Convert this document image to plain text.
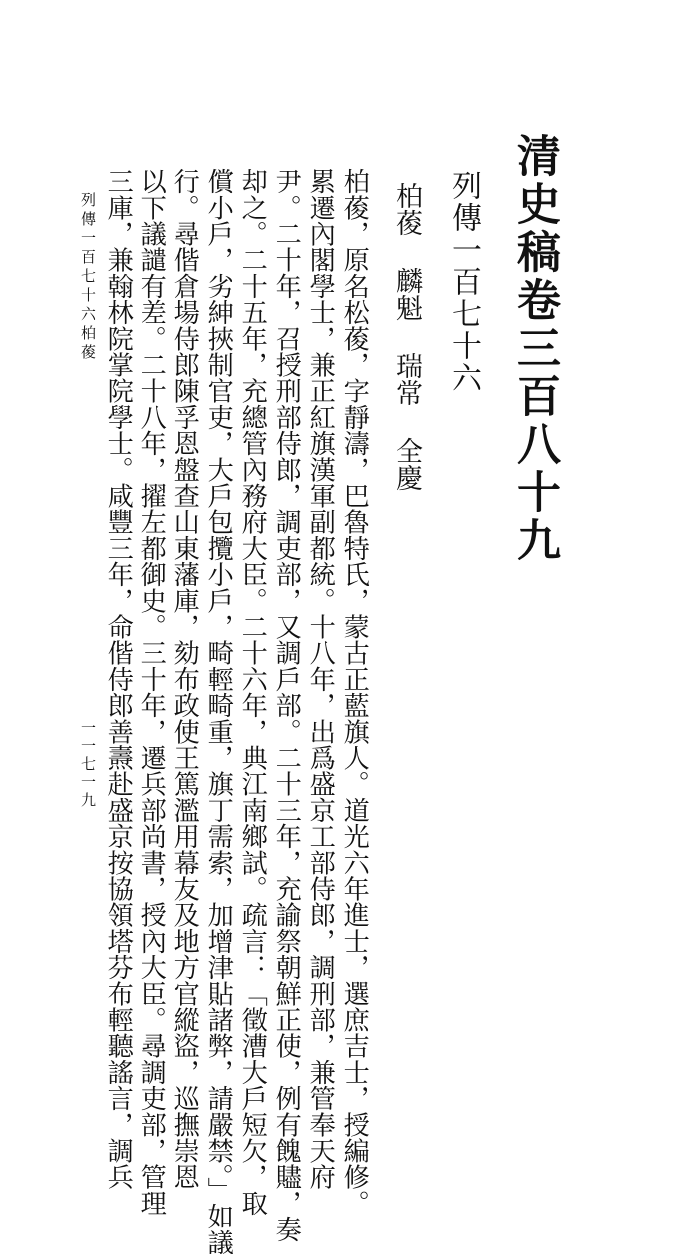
清史稿卷三百八十九
列傳一百七十六
柏葰 麟魁 瑞常 全慶
柏葰，原名松葰，字靜濤，巴魯特氏，蒙古正藍旗人。道光六年進士，選庶吉士，授編修。
累遷內閣學士，兼正紅旗漢軍副都統。十八年，出爲盛京工部侍郎，調刑部，兼管奉天府
尹。二十年，召授刑部侍郎，調吏部，又調戶部。二十三年，充諭祭朝鮮正使，例有餽贐，奏
却之。二十五年，充總管內務府大臣。二十六年，典江南鄉試。疏言：「徵漕大戶短欠，取
償小戶，劣紳挾制官吏，大戶包攬小戶，畸輕畸重，旗丁需索，加增津貼諸弊，請嚴禁。」如議
行。尋偕倉場侍郎陳孚恩盤查山東藩庫，劾布政使王篤濫用幕友及地方官縱盜，巡撫崇恩
以下議譴有差。二十八年，擢左都御史。三十年，遷兵部尚書，授內大臣。尋調吏部，管理
三庫，兼翰林院掌院學士。咸豐三年，命偕侍郎善燾赴盛京按協領塔芬布輕聽謠言，調兵
列傳一百七十六柏葰
一一七一九
